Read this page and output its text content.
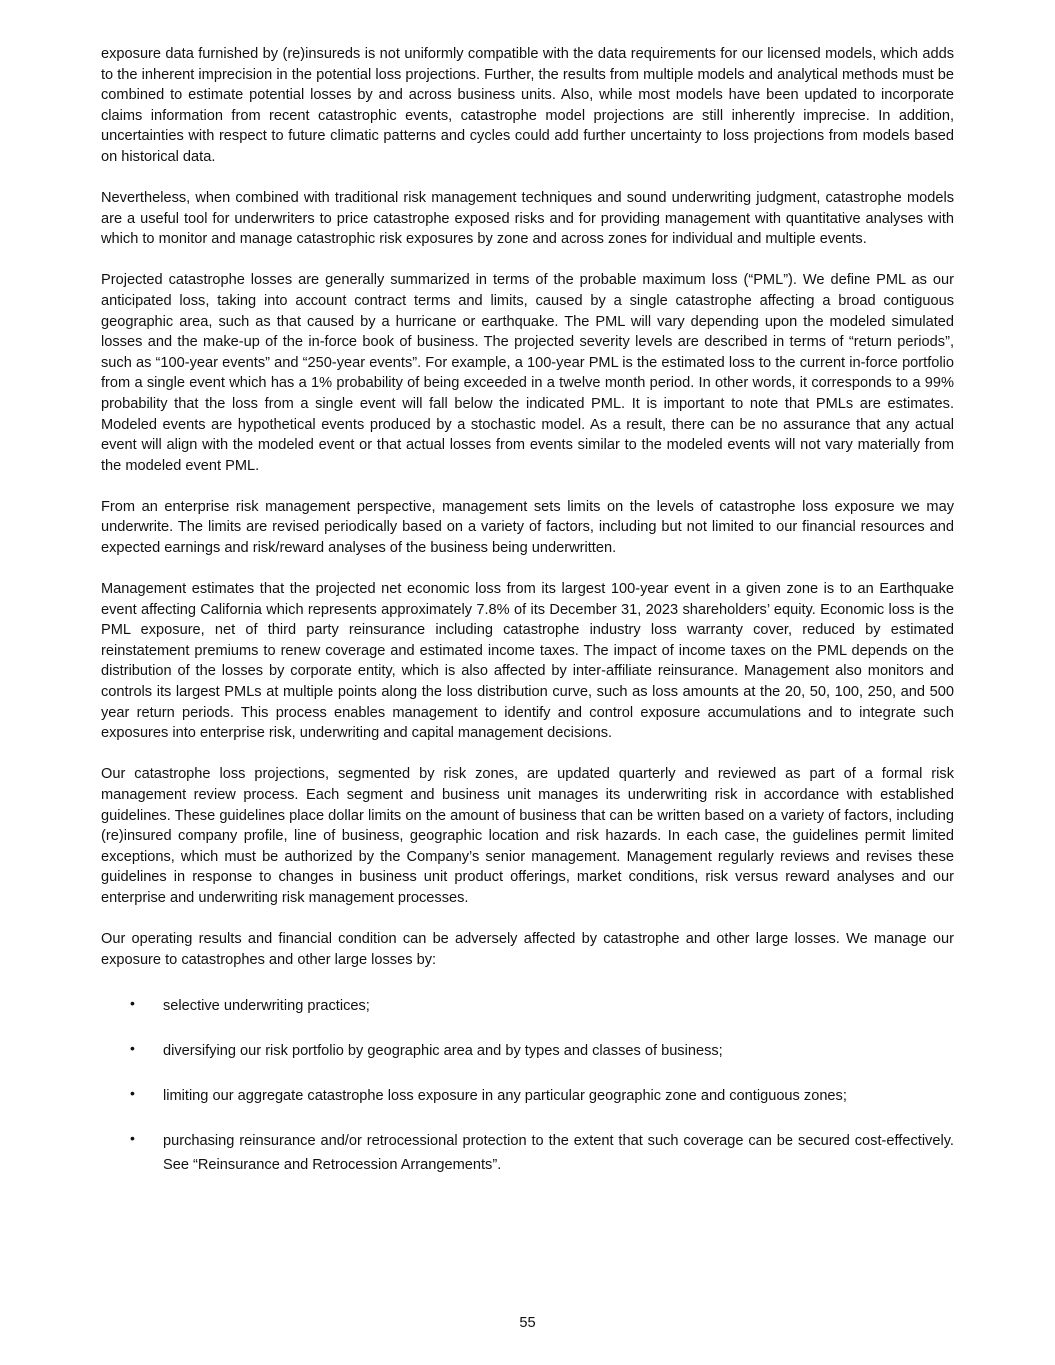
exposure data furnished by (re)insureds is not uniformly compatible with the data requirements for our licensed models, which adds to the inherent imprecision in the potential loss projections. Further, the results from multiple models and analytical methods must be combined to estimate potential losses by and across business units. Also, while most models have been updated to incorporate claims information from recent catastrophic events, catastrophe model projections are still inherently imprecise. In addition, uncertainties with respect to future climatic patterns and cycles could add further uncertainty to loss projections from models based on historical data.

Nevertheless, when combined with traditional risk management techniques and sound underwriting judgment, catastrophe models are a useful tool for underwriters to price catastrophe exposed risks and for providing management with quantitative analyses with which to monitor and manage catastrophic risk exposures by zone and across zones for individual and multiple events.

Projected catastrophe losses are generally summarized in terms of the probable maximum loss (“PML”). We define PML as our anticipated loss, taking into account contract terms and limits, caused by a single catastrophe affecting a broad contiguous geographic area, such as that caused by a hurricane or earthquake. The PML will vary depending upon the modeled simulated losses and the make-up of the in-force book of business. The projected severity levels are described in terms of “return periods”, such as “100-year events” and “250-year events”. For example, a 100-year PML is the estimated loss to the current in-force portfolio from a single event which has a 1% probability of being exceeded in a twelve month period. In other words, it corresponds to a 99% probability that the loss from a single event will fall below the indicated PML. It is important to note that PMLs are estimates. Modeled events are hypothetical events produced by a stochastic model. As a result, there can be no assurance that any actual event will align with the modeled event or that actual losses from events similar to the modeled events will not vary materially from the modeled event PML.

From an enterprise risk management perspective, management sets limits on the levels of catastrophe loss exposure we may underwrite. The limits are revised periodically based on a variety of factors, including but not limited to our financial resources and expected earnings and risk/reward analyses of the business being underwritten.

Management estimates that the projected net economic loss from its largest 100-year event in a given zone is to an Earthquake event affecting California which represents approximately 7.8% of its December 31, 2023 shareholders’ equity. Economic loss is the PML exposure, net of third party reinsurance including catastrophe industry loss warranty cover, reduced by estimated reinstatement premiums to renew coverage and estimated income taxes. The impact of income taxes on the PML depends on the distribution of the losses by corporate entity, which is also affected by inter-affiliate reinsurance. Management also monitors and controls its largest PMLs at multiple points along the loss distribution curve, such as loss amounts at the 20, 50, 100, 250, and 500 year return periods. This process enables management to identify and control exposure accumulations and to integrate such exposures into enterprise risk, underwriting and capital management decisions.

Our catastrophe loss projections, segmented by risk zones, are updated quarterly and reviewed as part of a formal risk management review process. Each segment and business unit manages its underwriting risk in accordance with established guidelines. These guidelines place dollar limits on the amount of business that can be written based on a variety of factors, including (re)insured company profile, line of business, geographic location and risk hazards. In each case, the guidelines permit limited exceptions, which must be authorized by the Company’s senior management. Management regularly reviews and revises these guidelines in response to changes in business unit product offerings, market conditions, risk versus reward analyses and our enterprise and underwriting risk management processes.

Our operating results and financial condition can be adversely affected by catastrophe and other large losses. We manage our exposure to catastrophes and other large losses by:

• selective underwriting practices;
• diversifying our risk portfolio by geographic area and by types and classes of business;
• limiting our aggregate catastrophe loss exposure in any particular geographic zone and contiguous zones;
• purchasing reinsurance and/or retrocessional protection to the extent that such coverage can be secured cost-effectively. See “Reinsurance and Retrocession Arrangements”.
55
